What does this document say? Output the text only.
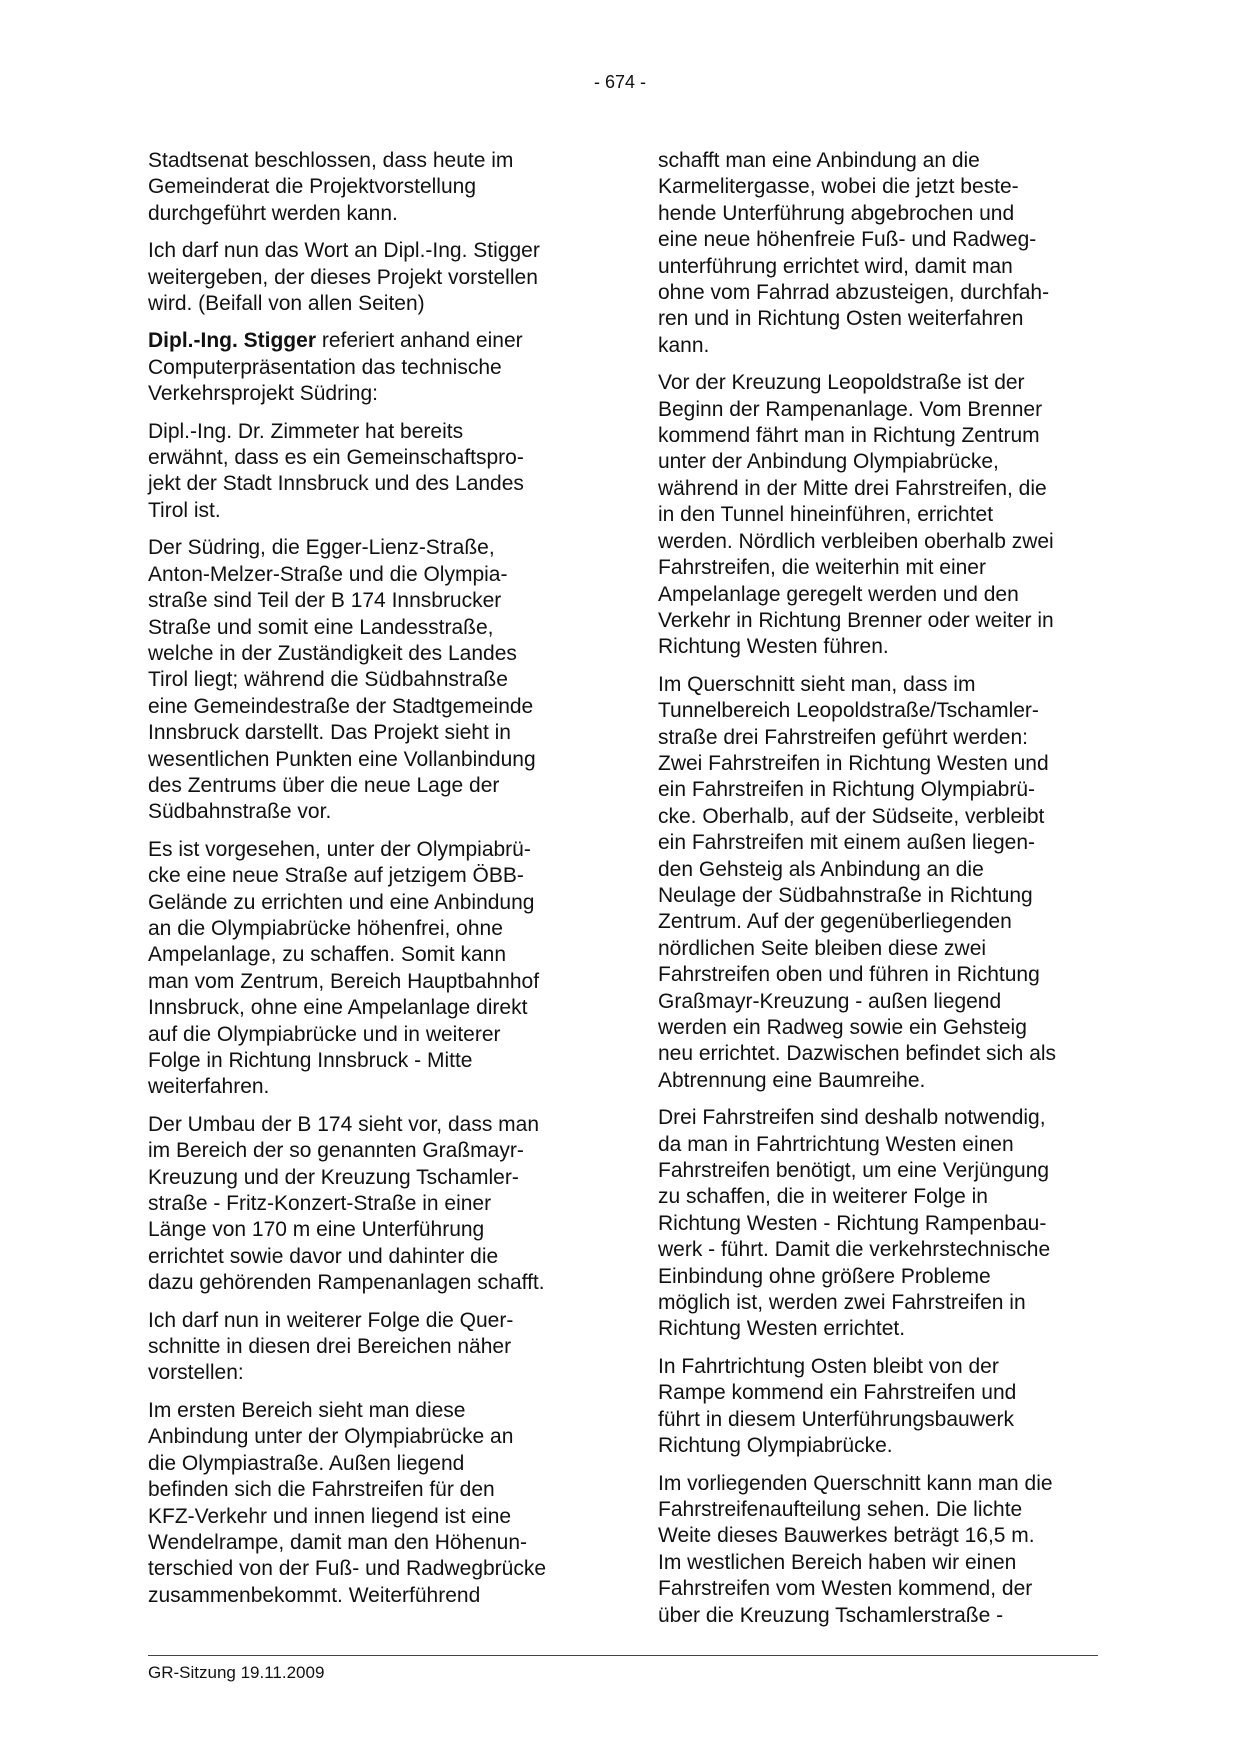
- 674 -

Stadtsenat beschlossen, dass heute im
Gemeinderat die Projektvorstellung
durchgeführt werden kann.

Ich darf nun das Wort an Dipl.-Ing. Stigger
weitergeben, der dieses Projekt vorstellen
wird. (Beifall von allen Seiten)

Dipl.-Ing. Stigger referiert anhand einer
Computerpräsentation das technische
Verkehrsprojekt Südring:

Dipl.-Ing. Dr. Zimmeter hat bereits
erwähnt, dass es ein Gemeinschaftspro-
jekt der Stadt Innsbruck und des Landes
Tirol ist.

Der Südring, die Egger-Lienz-Straße,
Anton-Melzer-Straße und die Olympia-
straße sind Teil der B 174 Innsbrucker
Straße und somit eine Landesstraße,
welche in der Zuständigkeit des Landes
Tirol liegt; während die Südbahnstraße
eine Gemeindestraße der Stadtgemeinde
Innsbruck darstellt. Das Projekt sieht in
wesentlichen Punkten eine Vollanbindung
des Zentrums über die neue Lage der
Südbahnstraße vor.

Es ist vorgesehen, unter der Olympiabrü-
cke eine neue Straße auf jetzigem ÖBB-
Gelände zu errichten und eine Anbindung
an die Olympiabrücke höhenfrei, ohne
Ampelanlage, zu schaffen. Somit kann
man vom Zentrum, Bereich Hauptbahnhof
Innsbruck, ohne eine Ampelanlage direkt
auf die Olympiabrücke und in weiterer
Folge in Richtung Innsbruck - Mitte
weiterfahren.

Der Umbau der B 174 sieht vor, dass man
im Bereich der so genannten Graßmayr-
Kreuzung und der Kreuzung Tschamler-
straße - Fritz-Konzert-Straße in einer
Länge von 170 m eine Unterführung
errichtet sowie davor und dahinter die
dazu gehörenden Rampenanlagen schafft.

Ich darf nun in weiterer Folge die Quer-
schnitte in diesen drei Bereichen näher
vorstellen:

Im ersten Bereich sieht man diese
Anbindung unter der Olympiabrücke an
die Olympiastraße. Außen liegend
befinden sich die Fahrstreifen für den
KFZ-Verkehr und innen liegend ist eine
Wendelrampe, damit man den Höhenun-
terschied von der Fuß- und Radwegbrücke
zusammenbekommt. Weiterführend

schafft man eine Anbindung an die
Karmelitergasse, wobei die jetzt beste-
hende Unterführung abgebrochen und
eine neue höhenfreie Fuß- und Radweg-
unterführung errichtet wird, damit man
ohne vom Fahrrad abzusteigen, durchfah-
ren und in Richtung Osten weiterfahren
kann.

Vor der Kreuzung Leopoldstraße ist der
Beginn der Rampenanlage. Vom Brenner
kommend fährt man in Richtung Zentrum
unter der Anbindung Olympiabrücke,
während in der Mitte drei Fahrstreifen, die
in den Tunnel hineinführen, errichtet
werden. Nördlich verbleiben oberhalb zwei
Fahrstreifen, die weiterhin mit einer
Ampelanlage geregelt werden und den
Verkehr in Richtung Brenner oder weiter in
Richtung Westen führen.

Im Querschnitt sieht man, dass im
Tunnelbereich Leopoldstraße/Tschamler-
straße drei Fahrstreifen geführt werden:
Zwei Fahrstreifen in Richtung Westen und
ein Fahrstreifen in Richtung Olympiabrü-
cke. Oberhalb, auf der Südseite, verbleibt
ein Fahrstreifen mit einem außen liegen-
den Gehsteig als Anbindung an die
Neulage der Südbahnstraße in Richtung
Zentrum. Auf der gegenüberliegenden
nördlichen Seite bleiben diese zwei
Fahrstreifen oben und führen in Richtung
Graßmayr-Kreuzung - außen liegend
werden ein Radweg sowie ein Gehsteig
neu errichtet. Dazwischen befindet sich als
Abtrennung eine Baumreihe.

Drei Fahrstreifen sind deshalb notwendig,
da man in Fahrtrichtung Westen einen
Fahrstreifen benötigt, um eine Verjüngung
zu schaffen, die in weiterer Folge in
Richtung Westen - Richtung Rampenbau-
werk - führt. Damit die verkehrstechnische
Einbindung ohne größere Probleme
möglich ist, werden zwei Fahrstreifen in
Richtung Westen errichtet.

In Fahrtrichtung Osten bleibt von der
Rampe kommend ein Fahrstreifen und
führt in diesem Unterführungsbauwerk
Richtung Olympiabrücke.

Im vorliegenden Querschnitt kann man die
Fahrstreifenaufteilung sehen. Die lichte
Weite dieses Bauwerkes beträgt 16,5 m.
Im westlichen Bereich haben wir einen
Fahrstreifen vom Westen kommend, der
über die Kreuzung Tschamlerstraße -

GR-Sitzung 19.11.2009
